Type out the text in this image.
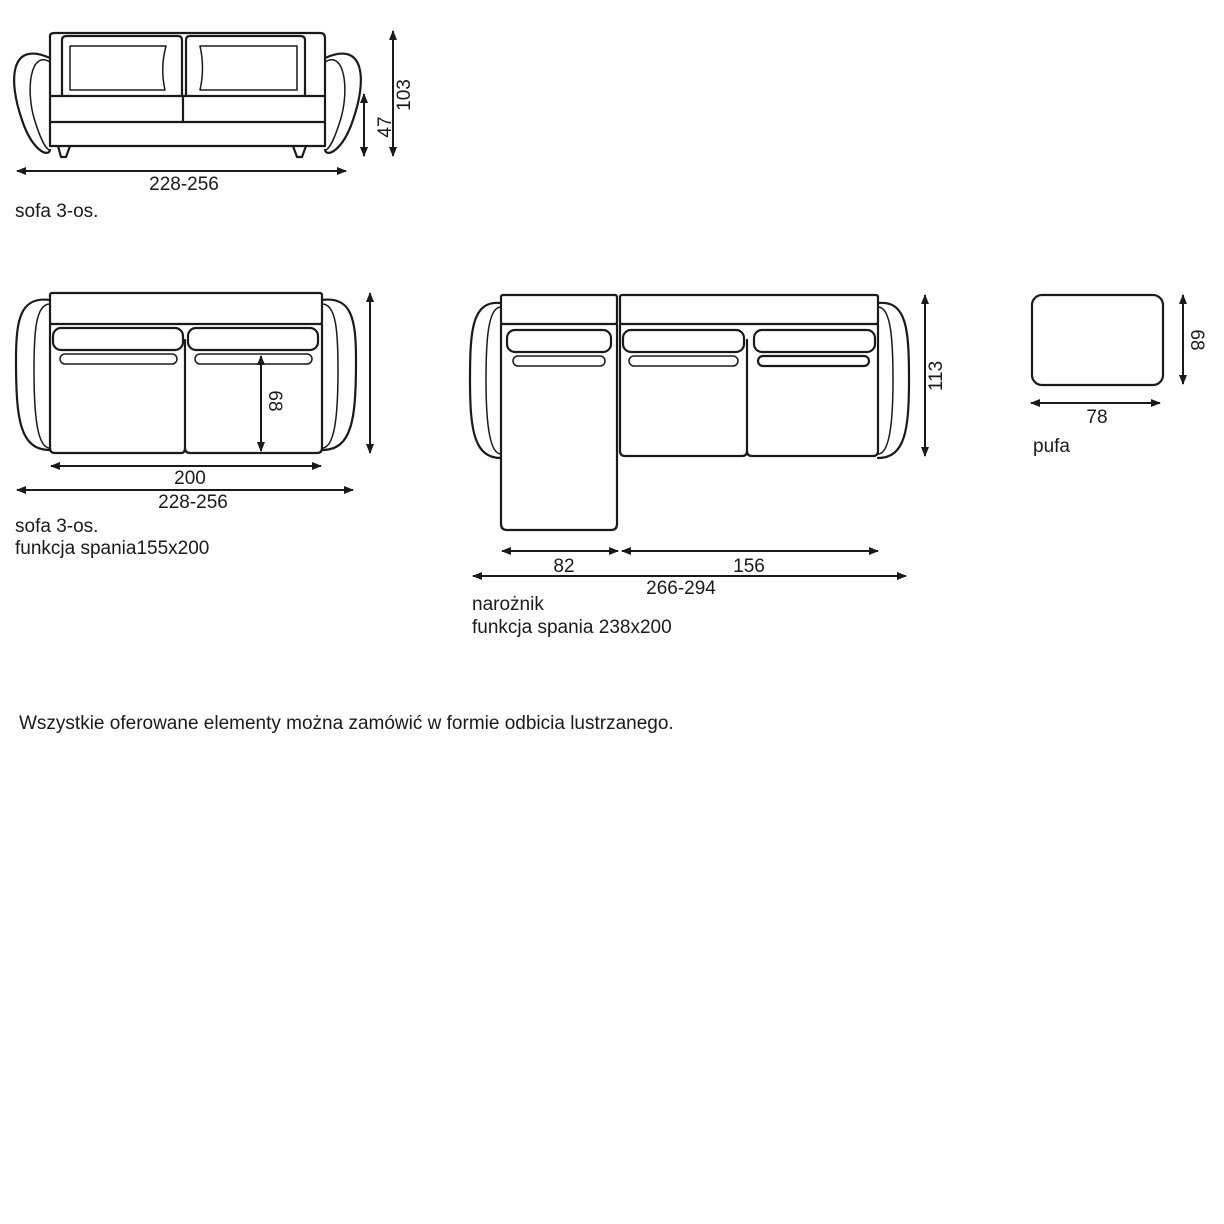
228-256
47
103
sofa 3-os.
68
200
228-256
sofa 3-os.
funkcja spania155x200
113
82	156
266-294
narożnik
funkcja spania 238x200
68
78
pufa
Wszystkie oferowane elementy można zamówić w formie odbicia lustrzanego.
